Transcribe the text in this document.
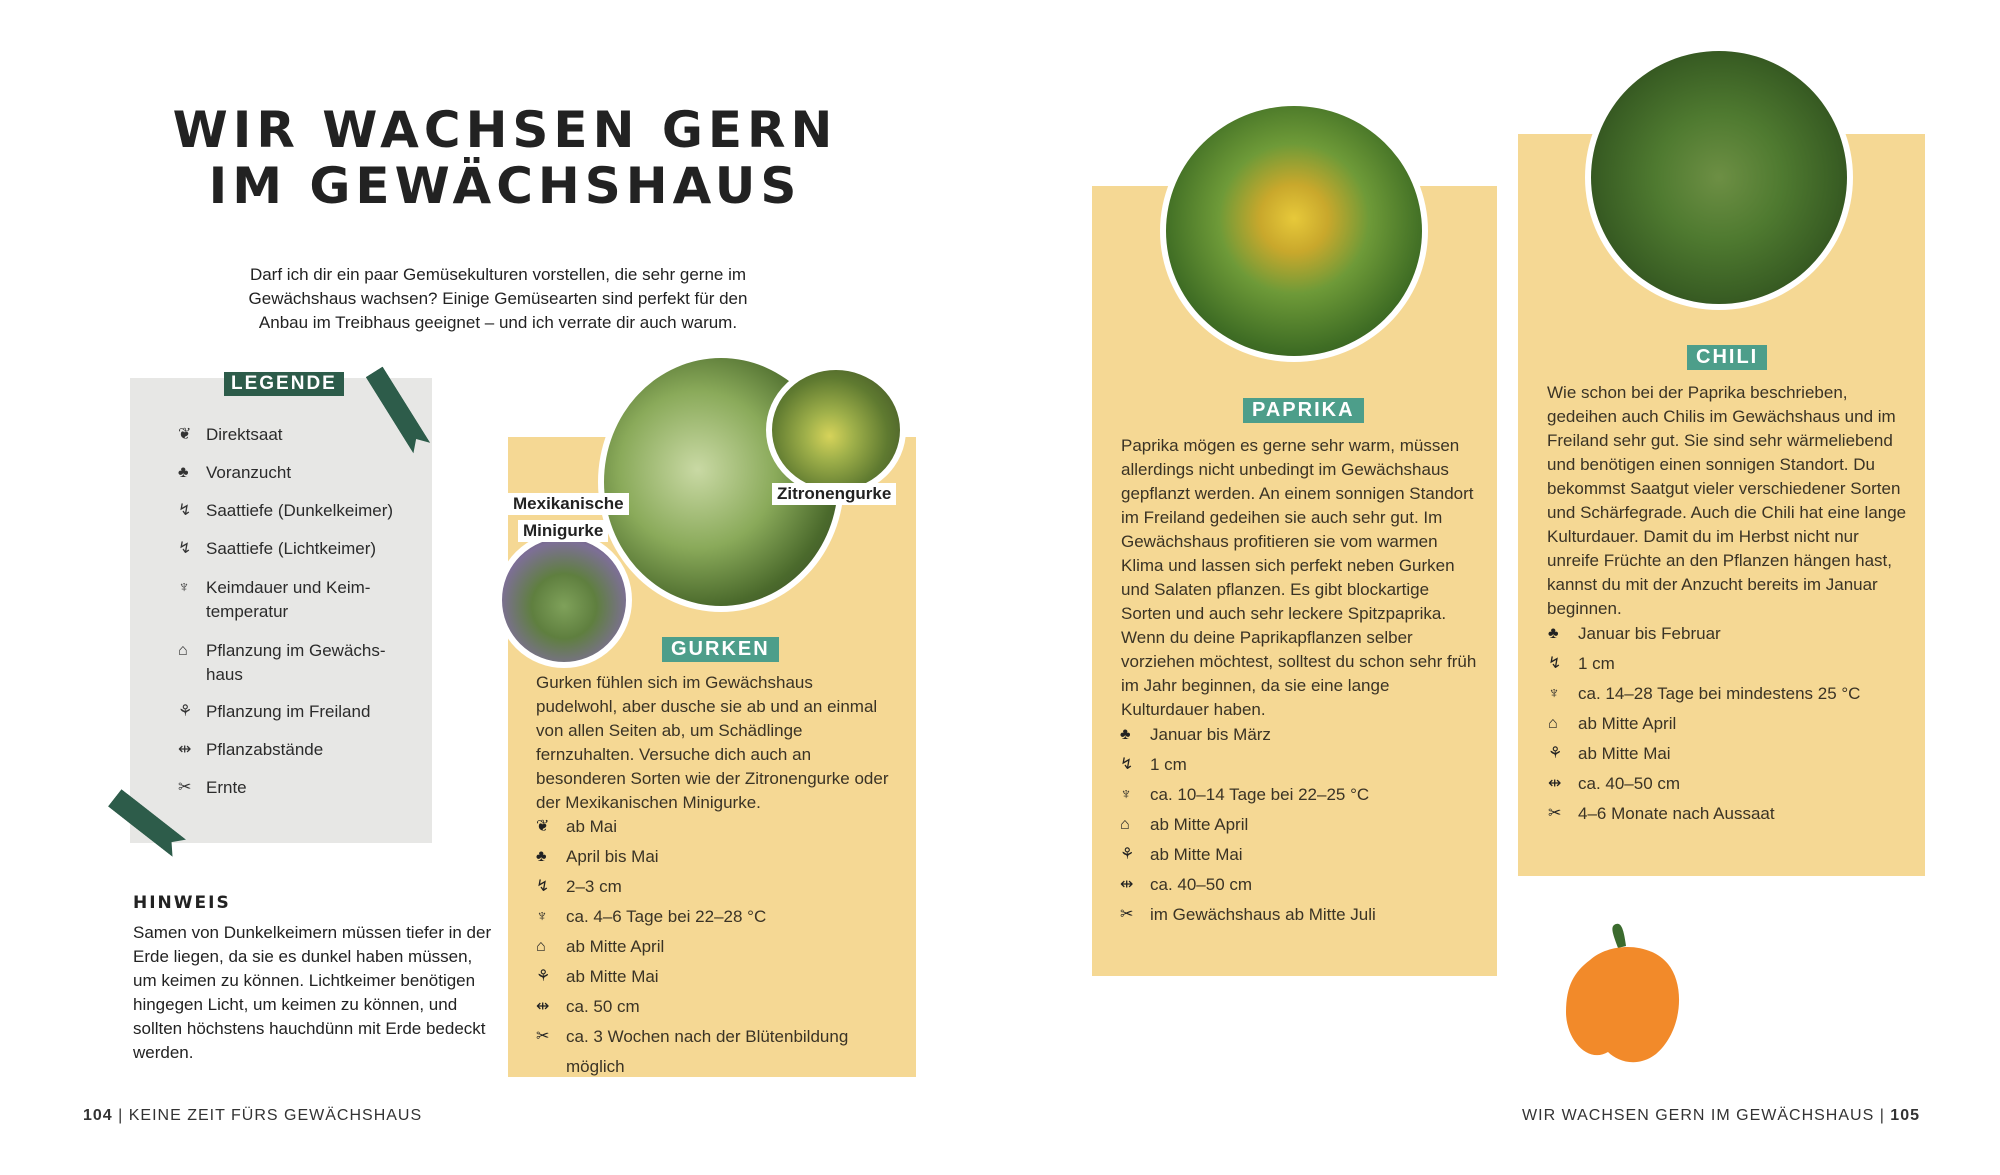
WIR WACHSEN GERN
IM GEWÄCHSHAUS
Darf ich dir ein paar Gemüsekulturen vorstellen, die sehr gerne im Gewächshaus wachsen? Einige Gemüsearten sind perfekt für den Anbau im Treibhaus geeignet – und ich verrate dir auch warum.
LEGENDE
❦ Direktsaat
♣	Voranzucht
↯ Saattiefe (Dunkelkeimer)
↯ Saattiefe (Lichtkeimer)
♆ Keimdauer und Keim-temperatur
⌂	Pflanzung im Gewächs-haus
⚘ Pflanzung im Freiland
⇹ Pflanzabstände
✂ Ernte
HINWEIS
Samen von Dunkelkeimern müssen tiefer in der Erde liegen, da sie es dunkel haben müssen, um keimen zu können. Lichtkeimer benötigen hingegen Licht, um keimen zu können, und sollten höchstens hauchdünn mit Erde bedeckt werden.
Mexikanische
Minigurke
Zitronengurke
GURKEN
Gurken fühlen sich im Gewächshaus pudelwohl, aber dusche sie ab und an einmal von allen Seiten ab, um Schädlinge fernzuhalten. Versuche dich auch an besonderen Sorten wie der Zitronengurke oder der Mexikanischen Minigurke.
❦ ab Mai
♣	April bis Mai
↯ 2–3 cm
♆	ca. 4–6 Tage bei 22–28 °C
⌂	ab Mitte April
⚘ ab Mitte Mai
⇹ ca. 50 cm
✂ ca. 3 Wochen nach der Blütenbildung möglich
PAPRIKA
Paprika mögen es gerne sehr warm, müssen allerdings nicht unbedingt im Gewächshaus gepflanzt werden. An einem sonnigen Standort im Freiland gedeihen sie auch sehr gut. Im Gewächshaus profitieren sie vom warmen Klima und lassen sich perfekt neben Gurken und Salaten pflanzen. Es gibt blockartige Sorten und auch sehr leckere Spitzpaprika. Wenn du deine Paprikapflanzen selber vorziehen möchtest, solltest du schon sehr früh im Jahr beginnen, da sie eine lange Kulturdauer haben.
♣	Januar bis März
↯ 1 cm
♆	ca. 10–14 Tage bei 22–25 °C
⌂	ab Mitte April
⚘ ab Mitte Mai
⇹ ca. 40–50 cm
✂ im Gewächshaus ab Mitte Juli
CHILI
Wie schon bei der Paprika beschrieben, gedeihen auch Chilis im Gewächshaus und im Freiland sehr gut. Sie sind sehr wärmeliebend und benötigen einen sonnigen Standort. Du bekommst Saatgut vieler verschiedener Sorten und Schärfegrade. Auch die Chili hat eine lange Kulturdauer. Damit du im Herbst nicht nur unreife Früchte an den Pflanzen hängen hast, kannst du mit der Anzucht bereits im Januar beginnen.
♣	Januar bis Februar
↯ 1 cm
♆	ca. 14–28 Tage bei mindestens 25 °C
⌂	ab Mitte April
⚘ ab Mitte Mai
⇹ ca. 40–50 cm
✂ 4–6 Monate nach Aussaat
104 | KEINE ZEIT FÜRS GEWÄCHSHAUS	WIR WACHSEN GERN IM GEWÄCHSHAUS | 105
